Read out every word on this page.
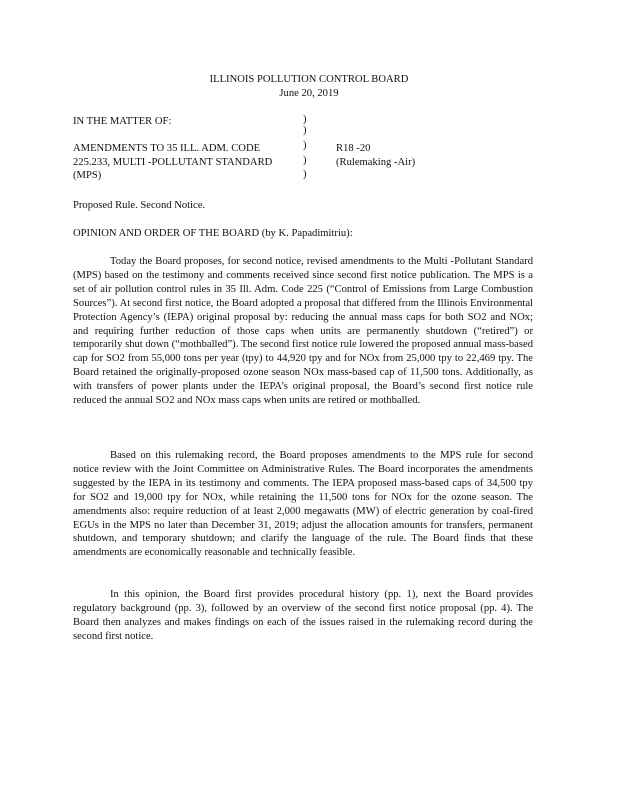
ILLINOIS POLLUTION CONTROL BOARD
June 20, 2019
IN THE MATTER OF:
AMENDMENTS TO 35 ILL. ADM. CODE
225.233, MULTI -POLLUTANT STANDARD
(MPS)
)
)
)
)
)
R18 -20
(Rulemaking -Air)
Proposed Rule. Second Notice.
OPINION AND ORDER OF THE BOARD (by K. Papadimitriu):

Today the Board proposes, for second notice, revised amendments to the Multi -Pollutant Standard (MPS) based on the testimony and comments received since second first notice publication. The MPS is a set of air pollution control rules in 35 Ill. Adm. Code 225 (“Control of Emissions from Large Combustion Sources”). At second first notice, the Board adopted a proposal that differed from the Illinois Environmental Protection Agency’s (IEPA) original proposal by: reducing the annual mass caps for both SO2 and NOx; and requiring further reduction of those caps when units are permanently shutdown (“retired”) or temporarily shut down (“mothballed”). The second first notice rule lowered the proposed annual mass-based cap for SO2 from 55,000 tons per year (tpy) to 44,920 tpy and for NOx from 25,000 tpy to 22,469 tpy. The Board retained the originally-proposed ozone season NOx mass-based cap of 11,500 tons. Additionally, as with transfers of power plants under the IEPA’s original proposal, the Board’s second first notice rule reduced the annual SO2 and NOx mass caps when units are retired or mothballed.

Based on this rulemaking record, the Board proposes amendments to the MPS rule for second notice review with the Joint Committee on Administrative Rules. The Board incorporates the amendments suggested by the IEPA in its testimony and comments. The IEPA proposed mass-based caps of 34,500 tpy for SO2 and 19,000 tpy for NOx, while retaining the 11,500 tons for NOx for the ozone season. The amendments also: require reduction of at least 2,000 megawatts (MW) of electric generation by coal-fired EGUs in the MPS no later than December 31, 2019; adjust the allocation amounts for transfers, permanent shutdown, and temporary shutdown; and clarify the language of the rule. The Board finds that these amendments are economically reasonable and technically feasible.

In this opinion, the Board first provides procedural history (pp. 1), next the Board provides regulatory background (pp. 3), followed by an overview of the second first notice proposal (pp. 4). The Board then analyzes and makes findings on each of the issues raised in the rulemaking record during the second first notice.
